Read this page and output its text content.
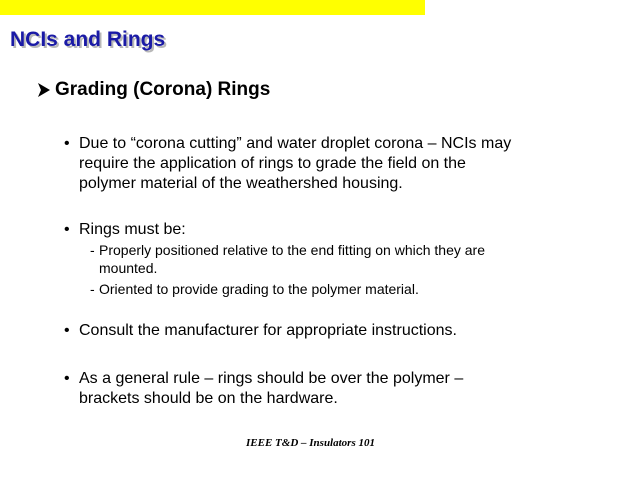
NCIs and Rings
Grading (Corona) Rings
• Due to “corona cutting” and water droplet corona – NCIs may
require the application of rings to grade the field on the
polymer material of the weathershed housing.
• Rings must be:
- Properly positioned relative to the end fitting on which they are
mounted.
- Oriented to provide grading to the polymer material.
• Consult the manufacturer for appropriate instructions.
• As a general rule – rings should be over the polymer –
brackets should be on the hardware.
IEEE T&D – Insulators 101
